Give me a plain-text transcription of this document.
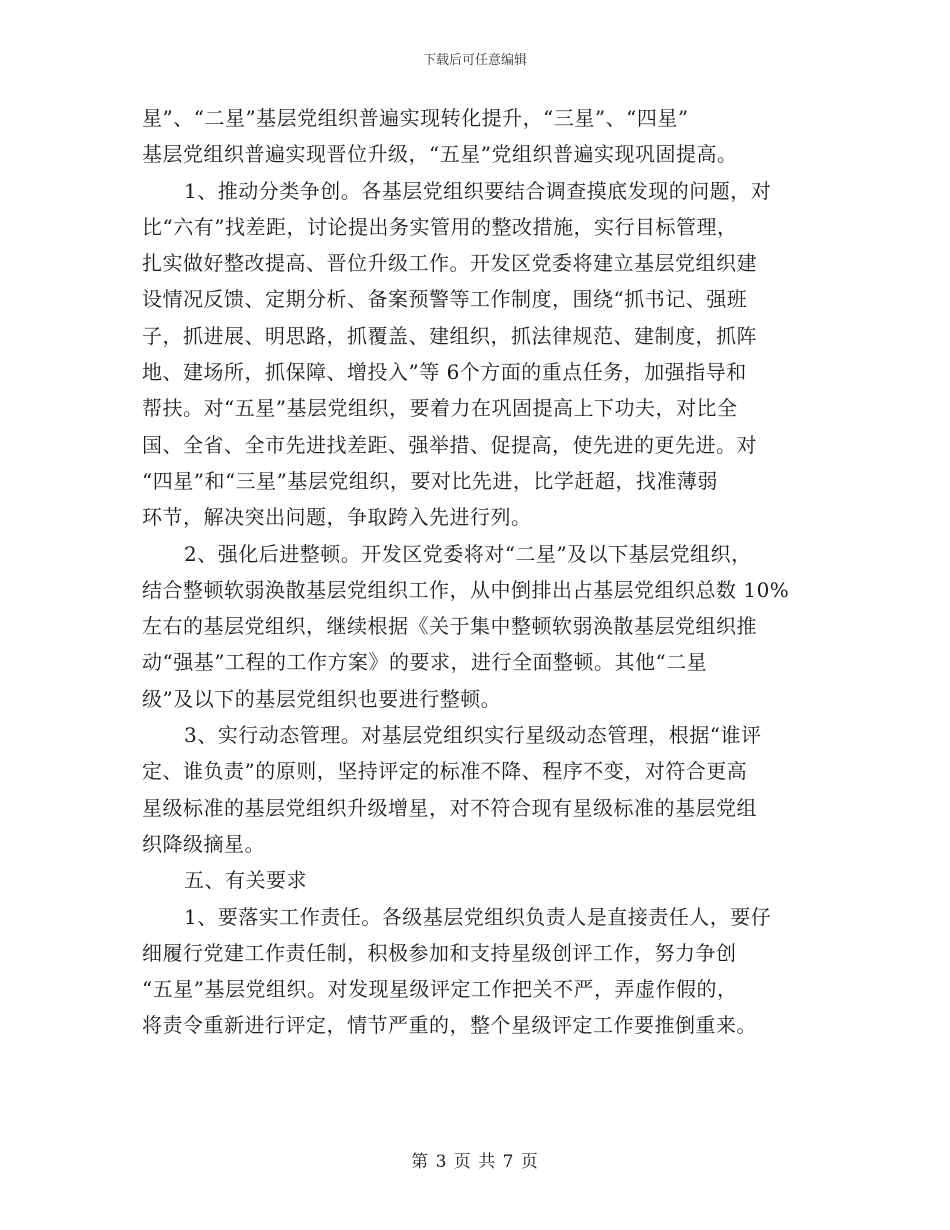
下载后可任意编辑
星”、“二星”基层党组织普遍实现转化提升，“三星”、“四星”
基层党组织普遍实现晋位升级，“五星”党组织普遍实现巩固提高。
1、推动分类争创。各基层党组织要结合调查摸底发现的问题，对
比“六有”找差距，讨论提出务实管用的整改措施，实行目标管理，
扎实做好整改提高、晋位升级工作。开发区党委将建立基层党组织建
设情况反馈、定期分析、备案预警等工作制度，围绕“抓书记、强班
子，抓进展、明思路，抓覆盖、建组织，抓法律规范、建制度，抓阵
地、建场所，抓保障、增投入”等 6个方面的重点任务，加强指导和
帮扶。对“五星”基层党组织，要着力在巩固提高上下功夫，对比全
国、全省、全市先进找差距、强举措、促提高，使先进的更先进。对
“四星”和“三星”基层党组织，要对比先进，比学赶超，找准薄弱
环节，解决突出问题，争取跨入先进行列。
2、强化后进整顿。开发区党委将对“二星”及以下基层党组织，
结合整顿软弱涣散基层党组织工作，从中倒排出占基层党组织总数 10%
左右的基层党组织，继续根据《关于集中整顿软弱涣散基层党组织推
动“强基”工程的工作方案》的要求，进行全面整顿。其他“二星
级”及以下的基层党组织也要进行整顿。
3、实行动态管理。对基层党组织实行星级动态管理，根据“谁评
定、谁负责”的原则，坚持评定的标准不降、程序不变，对符合更高
星级标准的基层党组织升级增星，对不符合现有星级标准的基层党组
织降级摘星。
五、有关要求
1、要落实工作责任。各级基层党组织负责人是直接责任人，要仔
细履行党建工作责任制，积极参加和支持星级创评工作，努力争创
“五星”基层党组织。对发现星级评定工作把关不严，弄虚作假的，
将责令重新进行评定，情节严重的，整个星级评定工作要推倒重来。
第 3 页 共 7 页
